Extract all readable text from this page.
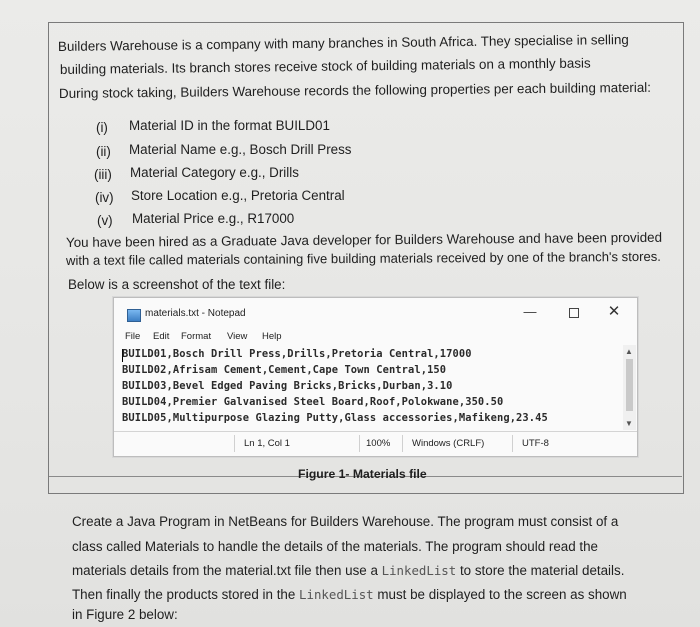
Builders Warehouse is a company with many branches in South Africa. They specialise in selling
building materials. Its branch stores receive stock of building materials on a monthly basis
During stock taking, Builders Warehouse records the following properties per each building material:
(i) Material ID in the format BUILD01
(ii) Material Name e.g., Bosch Drill Press
(iii) Material Category e.g., Drills
(iv) Store Location e.g., Pretoria Central
(v) Material Price e.g., R17000
You have been hired as a Graduate Java developer for Builders Warehouse and have been provided
with a text file called materials containing five building materials received by one of the branch's stores.
Below is a screenshot of the text file:
materials.txt - Notepad	—	✕
File Edit Format View Help
BUILD01,Bosch Drill Press,Drills,Pretoria Central,17000
BUILD02,Afrisam Cement,Cement,Cape Town Central,150
BUILD03,Bevel Edged Paving Bricks,Bricks,Durban,3.10
BUILD04,Premier Galvanised Steel Board,Roof,Polokwane,350.50
BUILD05,Multipurpose Glazing Putty,Glass accessories,Mafikeng,23.45
▲
▼
Ln 1, Col 1	100% Windows (CRLF)	UTF-8
Figure 1- Materials file
Create a Java Program in NetBeans for Builders Warehouse. The program must consist of a
class called Materials to handle the details of the materials. The program should read the
materials details from the material.txt file then use a LinkedList to store the material details.
Then finally the products stored in the LinkedList must be displayed to the screen as shown
in Figure 2 below:
